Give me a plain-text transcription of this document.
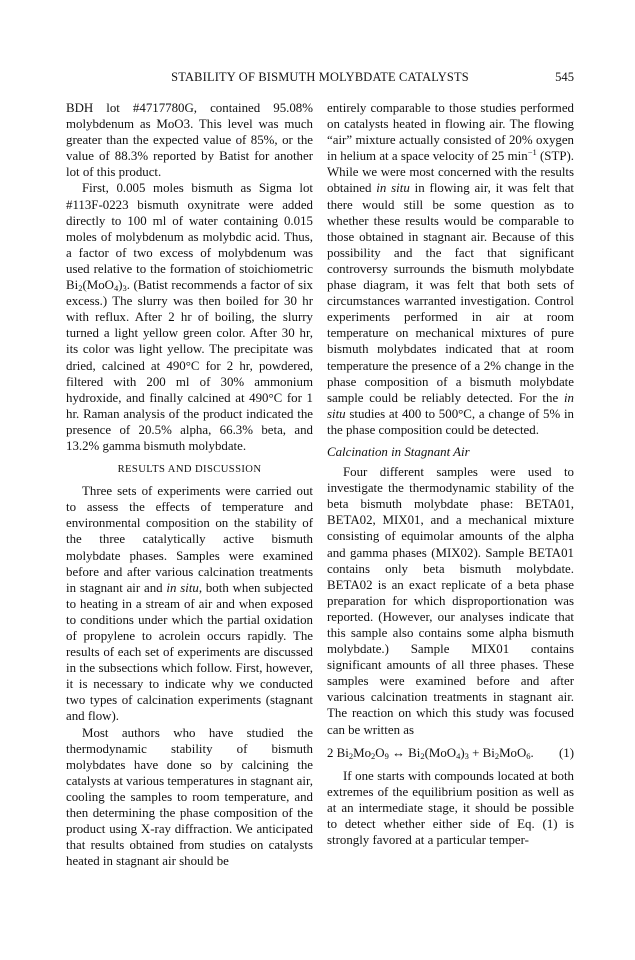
STABILITY OF BISMUTH MOLYBDATE CATALYSTS	545

BDH lot #4717780G, contained 95.08% molybdenum as MoO3. This level was much greater than the expected value of 85%, or the value of 88.3% reported by Batist for another lot of this product.

First, 0.005 moles bismuth as Sigma lot #113F-0223 bismuth oxynitrate were added directly to 100 ml of water containing 0.015 moles of molybdenum as molybdic acid. Thus, a factor of two excess of molybdenum was used relative to the formation of stoichiometric $Bi_2(MoO_4)_3$. (Batist recommends a factor of six excess.) The slurry was then boiled for 30 hr with reflux. After 2 hr of boiling, the slurry turned a light yellow green color. After 30 hr, its color was light yellow. The precipitate was dried, calcined at 490°C for 2 hr, powdered, filtered with 200 ml of 30% ammonium hydroxide, and finally calcined at 490°C for 1 hr. Raman analysis of the product indicated the presence of 20.5% alpha, 66.3% beta, and 13.2% gamma bismuth molybdate.

RESULTS AND DISCUSSION

Three sets of experiments were carried out to assess the effects of temperature and environmental composition on the stability of the three catalytically active bismuth molybdate phases. Samples were examined before and after various calcination treatments in stagnant air and in situ, both when subjected to heating in a stream of air and when exposed to conditions under which the partial oxidation of propylene to acrolein occurs rapidly. The results of each set of experiments are discussed in the subsections which follow. First, however, it is necessary to indicate why we conducted two types of calcination experiments (stagnant and flow).

Most authors who have studied the thermodynamic stability of bismuth molybdates have done so by calcining the catalysts at various temperatures in stagnant air, cooling the samples to room temperature, and then determining the phase composition of the product using X-ray diffraction. We anticipated that results obtained from studies on catalysts heated in stagnant air should be

entirely comparable to those studies performed on catalysts heated in flowing air. The flowing “air” mixture actually consisted of 20% oxygen in helium at a space velocity of 25 $\min^{-1} (STP)$. While we were most concerned with the results obtained in situ in flowing air, it was felt that there would still be some question as to whether these results would be comparable to those obtained in stagnant air. Because of this possibility and the fact that significant controversy surrounds the bismuth molybdate phase diagram, it was felt that both sets of circumstances warranted investigation. Control experiments performed in air at room temperature on mechanical mixtures of pure bismuth molybdates indicated that at room temperature the presence of a 2% change in the phase composition of a bismuth molybdate sample could be reliably detected. For the in situ studies at 400 to 500°C, a change of 5% in the phase composition could be detected.

Calcination in Stagnant Air

Four different samples were used to investigate the thermodynamic stability of the beta bismuth molybdate phase: BETA01, BETA02, MIX01, and a mechanical mixture consisting of equimolar amounts of the alpha and gamma phases (MIX02). Sample BETA01 contains only beta bismuth molybdate. BETA02 is an exact replicate of a beta phase preparation for which disproportionation was reported. (However, our analyses indicate that this sample also contains some alpha bismuth molybdate.) Sample MIX01 contains significant amounts of all three phases. These samples were examined before and after various calcination treatments in stagnant air. The reaction on which this study was focused can be written as

2 $Bi_2Mo_2O_9$ ↔ $Bi_2(MoO_4)_3 + Bi_2MoO_6$. (1)

If one starts with compounds located at both extremes of the equilibrium position as well as at an intermediate stage, it should be possible to detect whether either side of Eq. (1) is strongly favored at a particular temper-
